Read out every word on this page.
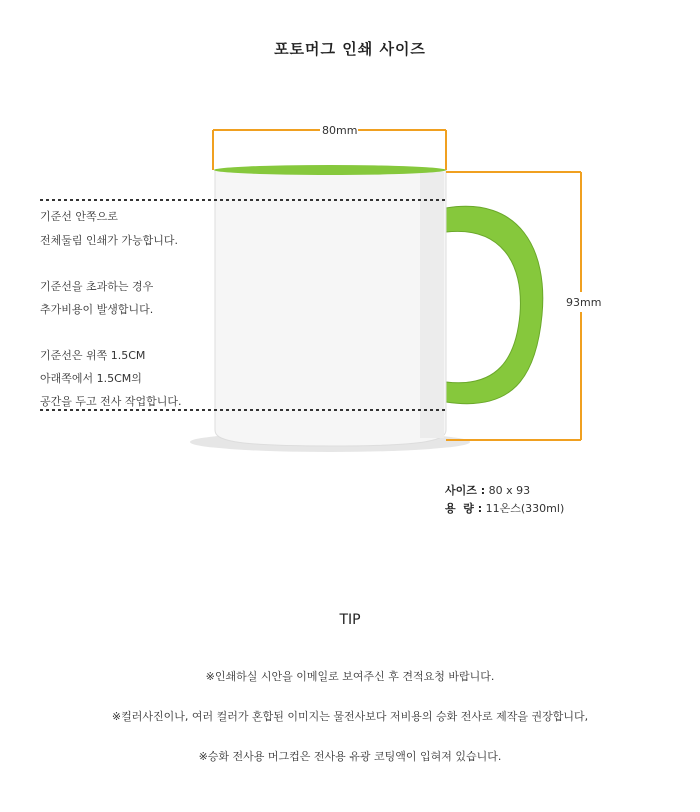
포토머그 인쇄 사이즈
80mm
93mm
기준선 안쪽으로
전체둘림 인쇄가 가능합니다.
기준선을 초과하는 경우
추가비용이 발생합니다.
기준선은 위쪽 1.5CM
아래쪽에서 1.5CM의
공간을 두고 전사 작업합니다.
사이즈 : 80 x 93
용  량 : 11온스(330ml)
TIP
※인쇄하실 시안을 이메일로 보여주신 후 견적요청 바랍니다.
※컬러사진이나, 여러 컬러가 혼합된 이미지는 물전사보다 저비용의 승화 전사로 제작을 권장합니다,
※승화 전사용 머그컵은 전사용 유광 코팅액이 입혀져 있습니다.
